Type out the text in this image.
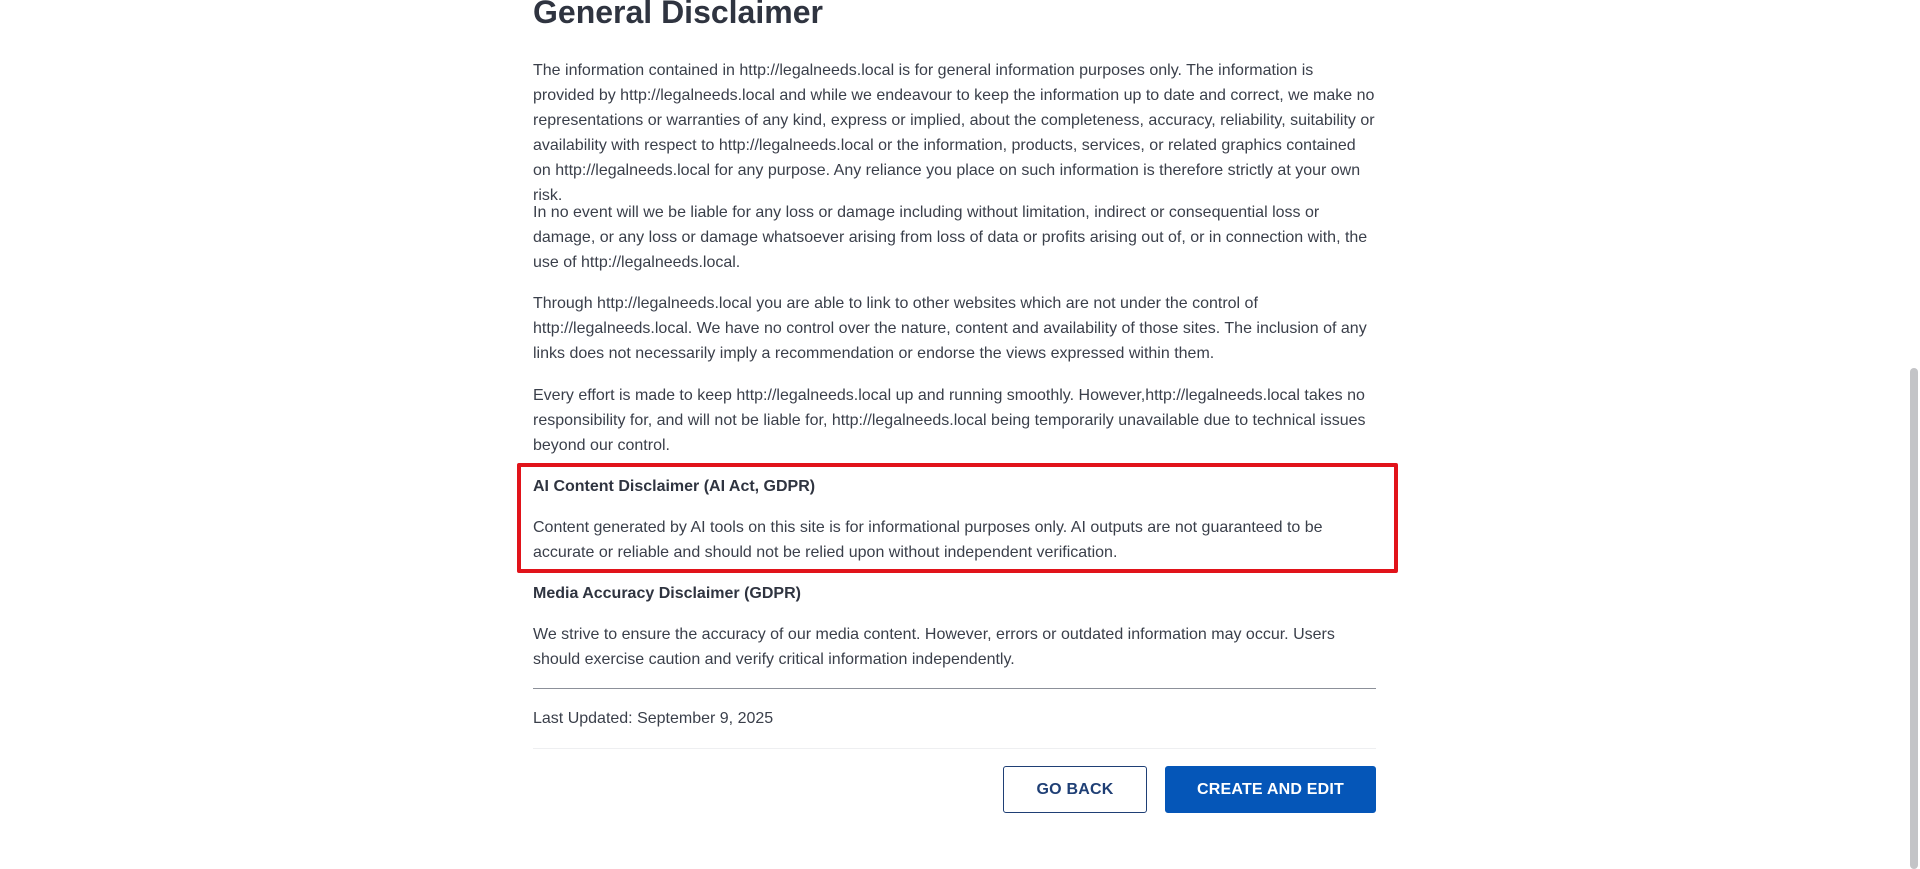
General Disclaimer

The information contained in http://legalneeds.local is for general information purposes only. The information is provided by http://legalneeds.local and while we endeavour to keep the information up to date and correct, we make no representations or warranties of any kind, express or implied, about the completeness, accuracy, reliability, suitability or availability with respect to http://legalneeds.local or the information, products, services, or related graphics contained on http://legalneeds.local for any purpose. Any reliance you place on such information is therefore strictly at your own risk.

In no event will we be liable for any loss or damage including without limitation, indirect or consequential loss or damage, or any loss or damage whatsoever arising from loss of data or profits arising out of, or in connection with, the use of http://legalneeds.local.

Through http://legalneeds.local you are able to link to other websites which are not under the control of http://legalneeds.local. We have no control over the nature, content and availability of those sites. The inclusion of any links does not necessarily imply a recommendation or endorse the views expressed within them.

Every effort is made to keep http://legalneeds.local up and running smoothly. However,http://legalneeds.local takes no responsibility for, and will not be liable for, http://legalneeds.local being temporarily unavailable due to technical issues beyond our control.

AI Content Disclaimer (AI Act, GDPR)

Content generated by AI tools on this site is for informational purposes only. AI outputs are not guaranteed to be accurate or reliable and should not be relied upon without independent verification.

Media Accuracy Disclaimer (GDPR)

We strive to ensure the accuracy of our media content. However, errors or outdated information may occur. Users should exercise caution and verify critical information independently.

Last Updated: September 9, 2025
GO BACK	CREATE AND EDIT
